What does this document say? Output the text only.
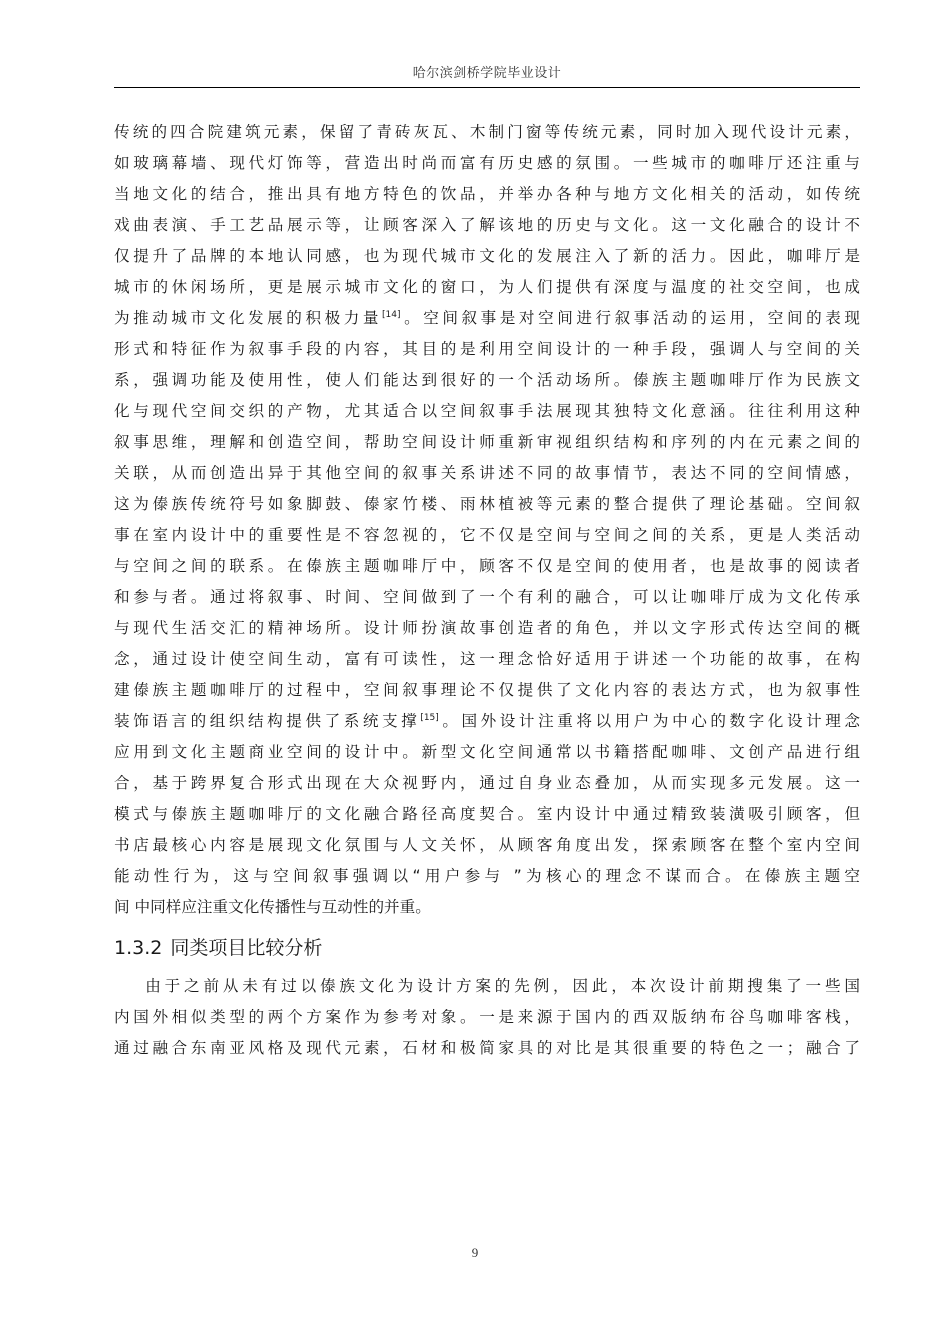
哈尔滨剑桥学院毕业设计
传统的四合院建筑元素，保留了青砖灰瓦、木制门窗等传统元素，同时加入现代设计元素，
如玻璃幕墙、现代灯饰等，营造出时尚而富有历史感的氛围。一些城市的咖啡厅还注重与
当地文化的结合，推出具有地方特色的饮品，并举办各种与地方文化相关的活动，如传统
戏曲表演、手工艺品展示等，让顾客深入了解该地的历史与文化。这一文化融合的设计不
仅提升了品牌的本地认同感，也为现代城市文化的发展注入了新的活力。因此，咖啡厅是
城市的休闲场所，更是展示城市文化的窗口，为人们提供有深度与温度的社交空间，也成
为推动城市文化发展的积极力量[14]。空间叙事是对空间进行叙事活动的运用，空间的表现
形式和特征作为叙事手段的内容，其目的是利用空间设计的一种手段，强调人与空间的关
系，强调功能及使用性，使人们能达到很好的一个活动场所。傣族主题咖啡厅作为民族文
化与现代空间交织的产物，尤其适合以空间叙事手法展现其独特文化意涵。往往利用这种
叙事思维，理解和创造空间，帮助空间设计师重新审视组织结构和序列的内在元素之间的
关联，从而创造出异于其他空间的叙事关系讲述不同的故事情节，表达不同的空间情感，
这为傣族传统符号如象脚鼓、傣家竹楼、雨林植被等元素的整合提供了理论基础。空间叙
事在室内设计中的重要性是不容忽视的，它不仅是空间与空间之间的关系，更是人类活动
与空间之间的联系。在傣族主题咖啡厅中，顾客不仅是空间的使用者，也是故事的阅读者
和参与者。通过将叙事、时间、空间做到了一个有利的融合，可以让咖啡厅成为文化传承
与现代生活交汇的精神场所。设计师扮演故事创造者的角色，并以文字形式传达空间的概
念，通过设计使空间生动，富有可读性，这一理念恰好适用于讲述一个功能的故事，在构
建傣族主题咖啡厅的过程中，空间叙事理论不仅提供了文化内容的表达方式，也为叙事性
装饰语言的组织结构提供了系统支撑[15]。国外设计注重将以用户为中心的数字化设计理念
应用到文化主题商业空间的设计中。新型文化空间通常以书籍搭配咖啡、文创产品进行组
合，基于跨界复合形式出现在大众视野内，通过自身业态叠加，从而实现多元发展。这一
模式与傣族主题咖啡厅的文化融合路径高度契合。室内设计中通过精致装潢吸引顾客，但
书店最核心内容是展现文化氛围与人文关怀，从顾客角度出发，探索顾客在整个室内空间
能动性行为，这与空间叙事强调以“用户参与 ”为核心的理念不谋而合。在傣族主题空
间 中同样应注重文化传播性与互动性的并重。
1.3.2 同类项目比较分析
由于之前从未有过以傣族文化为设计方案的先例，因此，本次设计前期搜集了一些国
内国外相似类型的两个方案作为参考对象。一是来源于国内的西双版纳布谷鸟咖啡客栈，
通过融合东南亚风格及现代元素，石材和极简家具的对比是其很重要的特色之一；融合了
9
